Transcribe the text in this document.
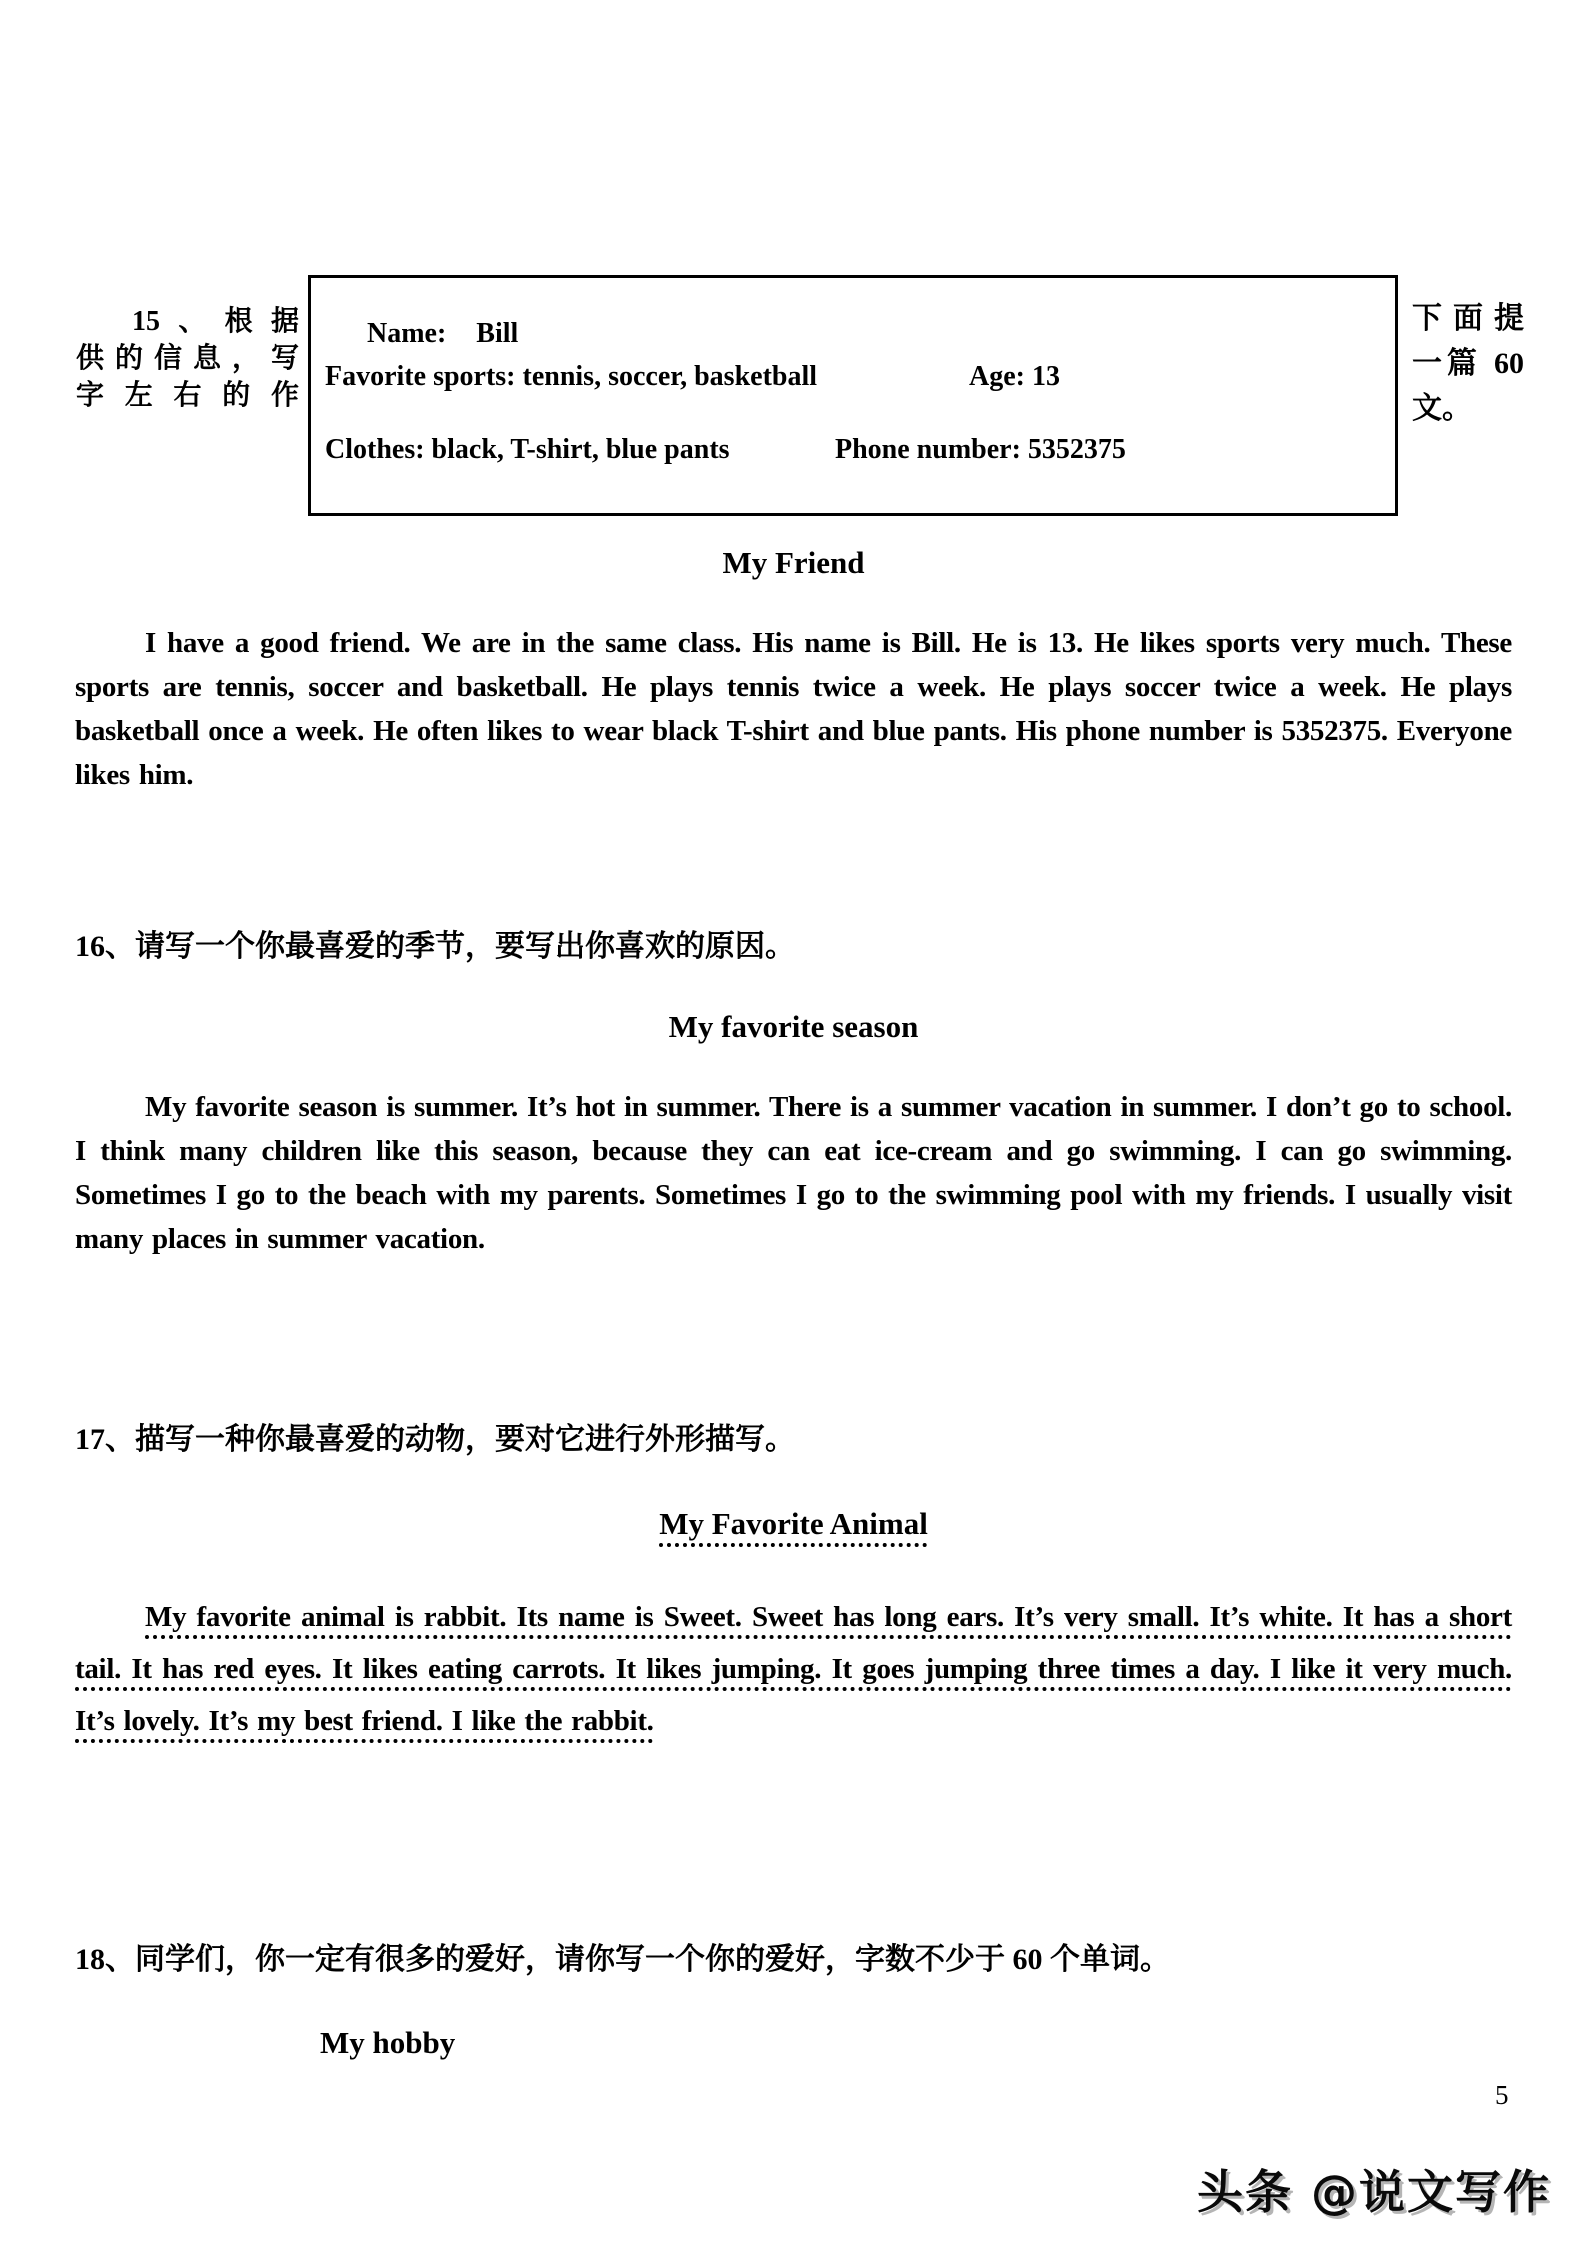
15、根据
供的信息，写
字左右的作

Name: Bill

Favorite sports: tennis, soccer, basketball	Age: 13
Clothes: black, T-shirt, blue pants	Phone number: 5352375
下面提
一篇 60
文。
My Friend

I have a good friend. We are in the same class. His name is Bill. He is 13. He likes sports very much. These sports are tennis, soccer and basketball. He plays tennis twice a week. He plays soccer twice a week. He plays basketball once a week. He often likes to wear black T-shirt and blue pants. His phone number is 5352375. Everyone likes him.

16、请写一个你最喜爱的季节，要写出你喜欢的原因。
My favorite season

My favorite season is summer. It’s hot in summer. There is a summer vacation in summer. I don’t go to school. I think many children like this season, because they can eat ice-cream and go swimming. I can go swimming. Sometimes I go to the beach with my parents. Sometimes I go to the swimming pool with my friends. I usually visit many places in summer vacation.

17、描写一种你最喜爱的动物，要对它进行外形描写。
My Favorite Animal

My favorite animal is rabbit. Its name is Sweet. Sweet has long ears. It’s very small. It’s white. It has a short tail. It has red eyes. It likes eating carrots. It likes jumping. It goes jumping three times a day. I like it very much. It’s lovely. It’s my best friend. I like the rabbit.

18、同学们，你一定有很多的爱好，请你写一个你的爱好，字数不少于 60 个单词。
My hobby
5
头条 @说文写作
